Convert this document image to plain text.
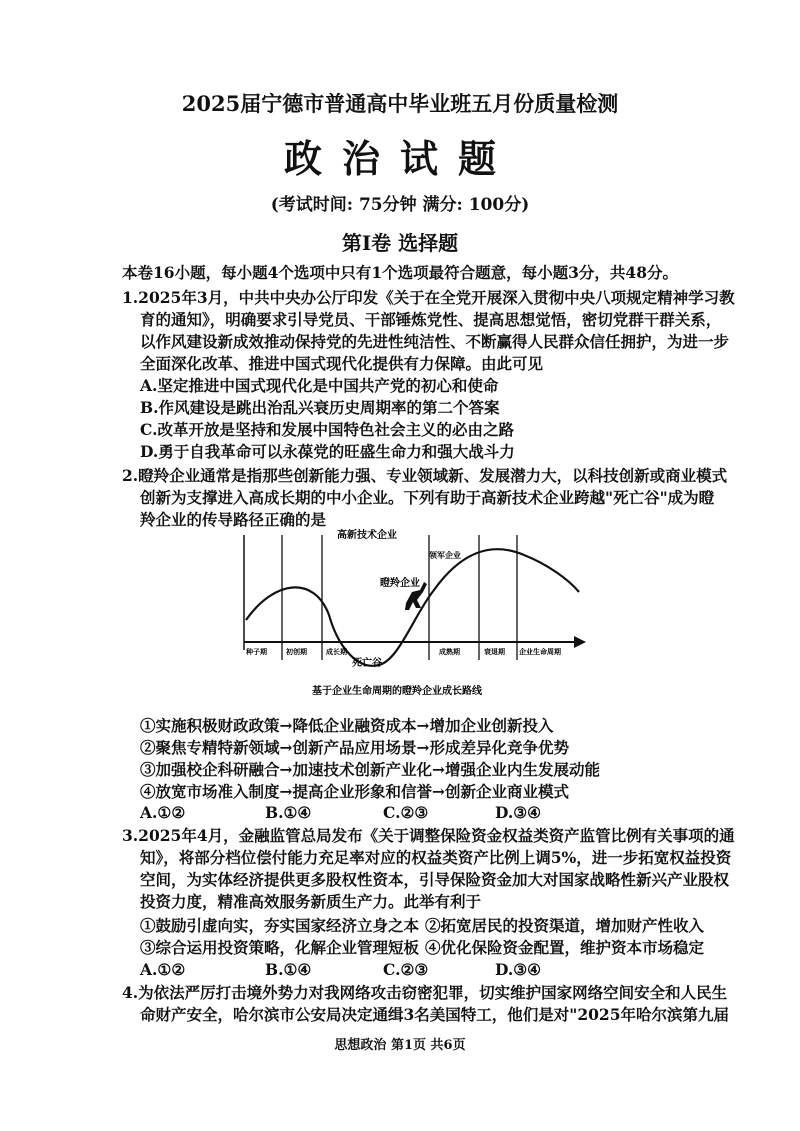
2025届宁德市普通高中毕业班五月份质量检测
政治试题
(考试时间: 75分钟 满分: 100分)
第Ⅰ卷 选择题
本卷16小题，每小题4个选项中只有1个选项最符合题意，每小题3分，共48分。
1.2025年3月，中共中央办公厅印发《关于在全党开展深入贯彻中央八项规定精神学习教
育的通知》，明确要求引导党员、干部锤炼党性、提高思想觉悟，密切党群干群关系，
以作风建设新成效推动保持党的先进性纯洁性、不断赢得人民群众信任拥护，为进一步
全面深化改革、推进中国式现代化提供有力保障。由此可见
A.坚定推进中国式现代化是中国共产党的初心和使命
B.作风建设是跳出治乱兴衰历史周期率的第二个答案
C.改革开放是坚持和发展中国特色社会主义的必由之路
D.勇于自我革命可以永葆党的旺盛生命力和强大战斗力
2.瞪羚企业通常是指那些创新能力强、专业领域新、发展潜力大，以科技创新或商业模式
创新为支撑进入高成长期的中小企业。下列有助于高新技术企业跨越"死亡谷"成为瞪
羚企业的传导路径正确的是
高新技术企业
领军企业
瞪羚企业
死亡谷
种子期	初创期	成长期	成熟期	衰退期 企业生命周期
基于企业生命周期的瞪羚企业成长路线
①实施积极财政政策→降低企业融资成本→增加企业创新投入
②聚焦专精特新领域→创新产品应用场景→形成差异化竞争优势
③加强校企科研融合→加速技术创新产业化→增强企业内生发展动能
④放宽市场准入制度→提高企业形象和信誉→创新企业商业模式
A.①②	B.①④	C.②③	D.③④
3.2025年4月，金融监管总局发布《关于调整保险资金权益类资产监管比例有关事项的通
知》，将部分档位偿付能力充足率对应的权益类资产比例上调5%，进一步拓宽权益投资
空间，为实体经济提供更多股权性资本，引导保险资金加大对国家战略性新兴产业股权
投资力度，精准高效服务新质生产力。此举有利于
①鼓励引虚向实，夯实国家经济立身之本 ②拓宽居民的投资渠道，增加财产性收入
③综合运用投资策略，化解企业管理短板 ④优化保险资金配置，维护资本市场稳定
A.①②	B.①④	C.②③	D.③④
4.为依法严厉打击境外势力对我网络攻击窃密犯罪，切实维护国家网络空间安全和人民生
命财产安全，哈尔滨市公安局决定通缉3名美国特工，他们是对"2025年哈尔滨第九届
思想政治 第1页 共6页
